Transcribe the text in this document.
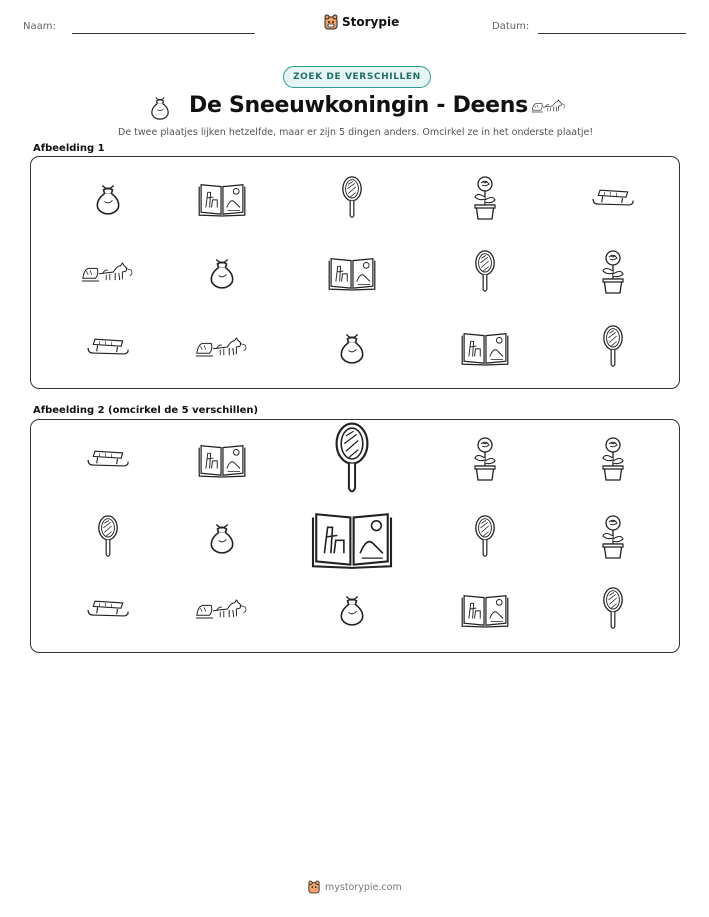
Naam:	Storypie	Datum:
ZOEK DE VERSCHILLEN
De Sneeuwkoningin - Deens
De twee plaatjes lijken hetzelfde, maar er zijn 5 dingen anders. Omcirkel ze in het onderste plaatje!
Afbeelding 1
Afbeelding 2 (omcirkel de 5 verschillen)
mystorypie.com
